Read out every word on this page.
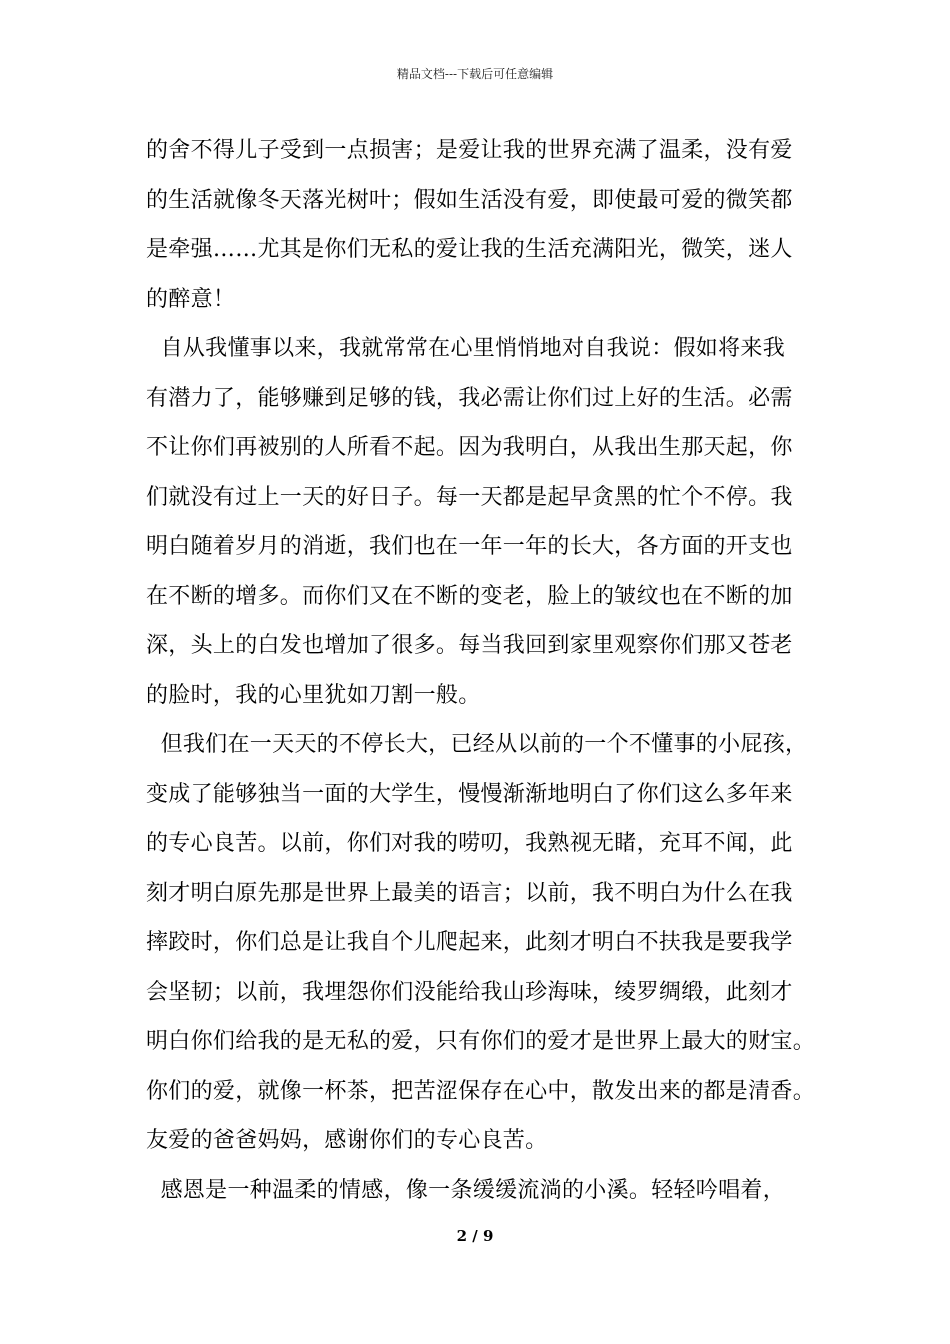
精品文档---下载后可任意编辑
的舍不得儿子受到一点损害；是爱让我的世界充满了温柔，没有爱
的生活就像冬天落光树叶；假如生活没有爱，即使最可爱的微笑都
是牵强……尤其是你们无私的爱让我的生活充满阳光，微笑，迷人
的醉意！
自从我懂事以来，我就常常在心里悄悄地对自我说：假如将来我
有潜力了，能够赚到足够的钱，我必需让你们过上好的生活。必需
不让你们再被别的人所看不起。因为我明白，从我出生那天起，你
们就没有过上一天的好日子。每一天都是起早贪黑的忙个不停。我
明白随着岁月的消逝，我们也在一年一年的长大，各方面的开支也
在不断的增多。而你们又在不断的变老，脸上的皱纹也在不断的加
深，头上的白发也增加了很多。每当我回到家里观察你们那又苍老
的脸时，我的心里犹如刀割一般。
但我们在一天天的不停长大，已经从以前的一个不懂事的小屁孩，
变成了能够独当一面的大学生，慢慢渐渐地明白了你们这么多年来
的专心良苦。以前，你们对我的唠叨，我熟视无睹，充耳不闻，此
刻才明白原先那是世界上最美的语言；以前，我不明白为什么在我
摔跤时，你们总是让我自个儿爬起来，此刻才明白不扶我是要我学
会坚韧；以前，我埋怨你们没能给我山珍海味，绫罗绸缎，此刻才
明白你们给我的是无私的爱，只有你们的爱才是世界上最大的财宝。
你们的爱，就像一杯茶，把苦涩保存在心中，散发出来的都是清香。
友爱的爸爸妈妈，感谢你们的专心良苦。
感恩是一种温柔的情感，像一条缓缓流淌的小溪。轻轻吟唱着，
2 / 9
